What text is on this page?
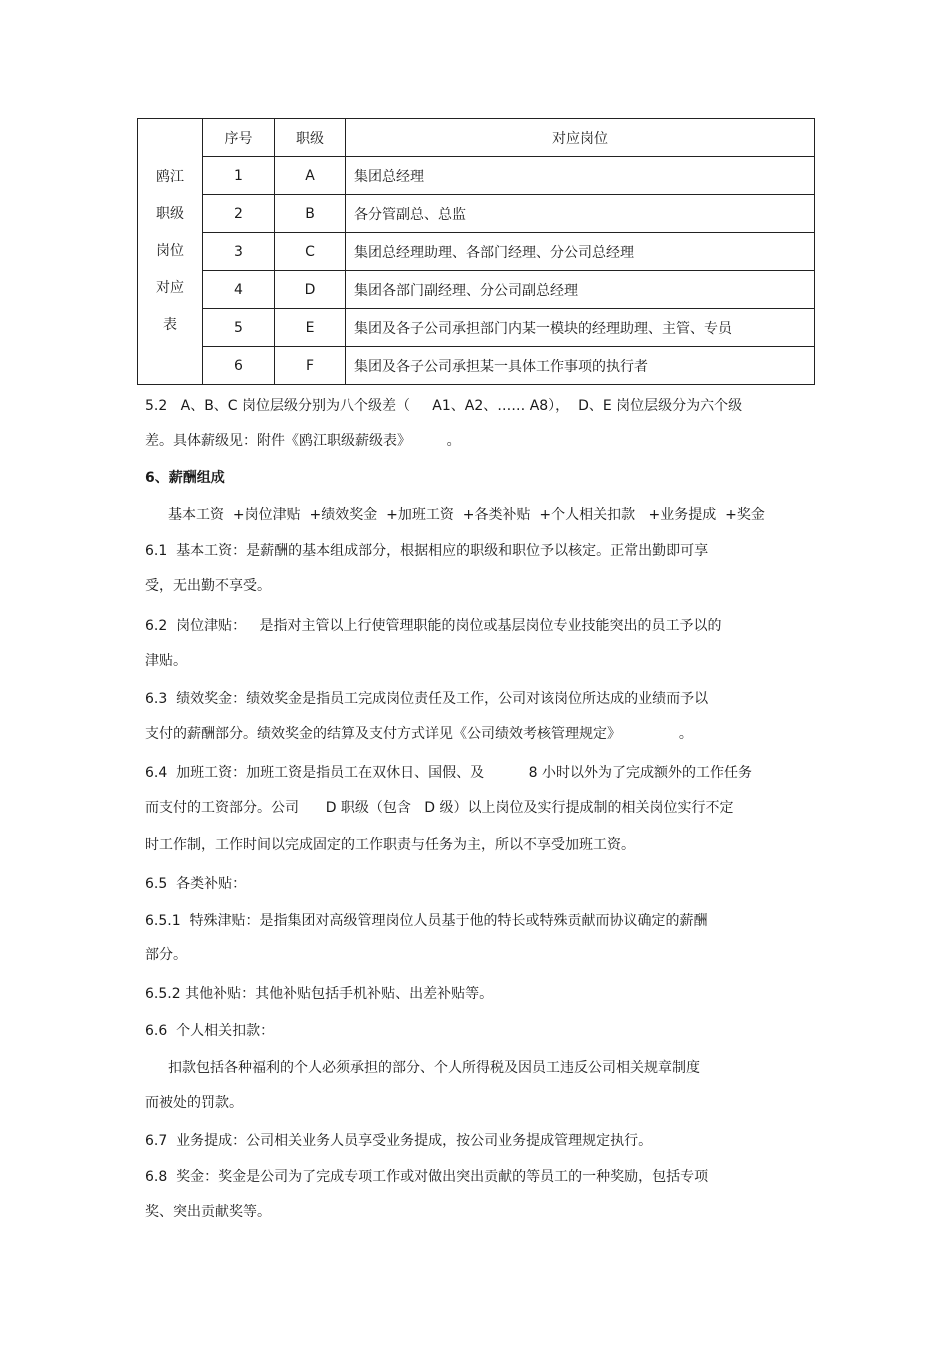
鸥江
职级
岗位
对应
表	序号	职级	对应岗位
	1	A	集团总经理
	2	B	各分管副总、总监
	3	C	集团总经理助理、各部门经理、分公司总经理
	4	D	集团各部门副经理、分公司副总经理
	5	E	集团及各子公司承担部门内某一模块的经理助理、主管、专员
	6	F	集团及各子公司承担某一具体工作事项的执行者
5.2   A、B、C 岗位层级分别为八个级差（     A1、A2、…… A8），  D、E 岗位层级分为六个级
差。具体薪级见：附件《鸥江职级薪级表》        。
6、薪酬组成
基本工资  +岗位津贴  +绩效奖金  +加班工资  +各类补贴  +个人相关扣款   +业务提成  +奖金
6.1  基本工资：是薪酬的基本组成部分，根据相应的职级和职位予以核定。正常出勤即可享
受，无出勤不享受。
6.2  岗位津贴：   是指对主管以上行使管理职能的岗位或基层岗位专业技能突出的员工予以的
津贴。
6.3  绩效奖金：绩效奖金是指员工完成岗位责任及工作，公司对该岗位所达成的业绩而予以
支付的薪酬部分。绩效奖金的结算及支付方式详见《公司绩效考核管理规定》             。
6.4  加班工资：加班工资是指员工在双休日、国假、及          8 小时以外为了完成额外的工作任务
而支付的工资部分。公司      D 职级（包含   D 级）以上岗位及实行提成制的相关岗位实行不定
时工作制，工作时间以完成固定的工作职责与任务为主，所以不享受加班工资。
6.5  各类补贴：
6.5.1  特殊津贴：是指集团对高级管理岗位人员基于他的特长或特殊贡献而协议确定的薪酬
部分。
6.5.2 其他补贴：其他补贴包括手机补贴、出差补贴等。
6.6  个人相关扣款：
扣款包括各种福利的个人必须承担的部分、个人所得税及因员工违反公司相关规章制度
而被处的罚款。
6.7  业务提成：公司相关业务人员享受业务提成，按公司业务提成管理规定执行。
6.8  奖金：奖金是公司为了完成专项工作或对做出突出贡献的等员工的一种奖励，包括专项
奖、突出贡献奖等。
